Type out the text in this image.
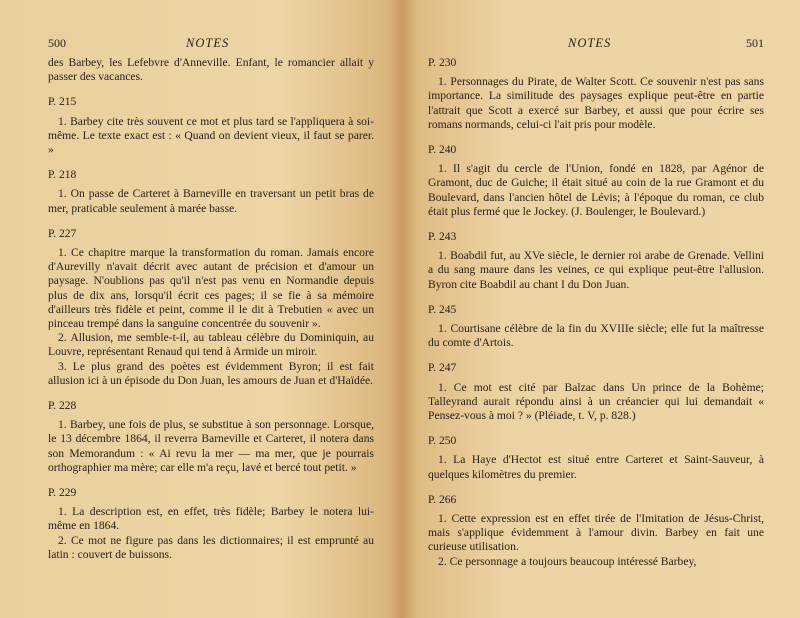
500	NOTES

des Barbey, les Lefebvre d'Anneville. Enfant, le romancier allait y passer des vacances.

P. 215

1. Barbey cite très souvent ce mot et plus tard se l'appliquera à soi-même. Le texte exact est : « Quand on devient vieux, il faut se parer. »

P. 218

1. On passe de Carteret à Barneville en traversant un petit bras de mer, praticable seulement à marée basse.

P. 227

1. Ce chapitre marque la transformation du roman. Jamais encore d'Aurevilly n'avait décrit avec autant de précision et d'amour un paysage. N'oublions pas qu'il n'est pas venu en Normandie depuis plus de dix ans, lorsqu'il écrit ces pages; il se fie à sa mémoire d'ailleurs très fidèle et peint, comme il le dit à Trebutien « avec un pinceau trempé dans la sanguine concentrée du souvenir ».

2. Allusion, me semble-t-il, au tableau célèbre du Dominiquin, au Louvre, représentant Renaud qui tend à Armide un miroir.

3. Le plus grand des poètes est évidemment Byron; il est fait allusion ici à un épisode du Don Juan, les amours de Juan et d'Haïdée.

P. 228

1. Barbey, une fois de plus, se substitue à son personnage. Lorsque, le 13 décembre 1864, il reverra Barneville et Carteret, il notera dans son Memorandum : « Ai revu la mer — ma mer, que je pourrais orthographier ma mère; car elle m'a reçu, lavé et bercé tout petit. »

P. 229

1. La description est, en effet, très fidèle; Barbey le notera lui-même en 1864.

2. Ce mot ne figure pas dans les dictionnaires; il est emprunté au latin : couvert de buissons.

NOTES	501
P. 230

1. Personnages du Pirate, de Walter Scott. Ce souvenir n'est pas sans importance. La similitude des paysages explique peut-être en partie l'attrait que Scott a exercé sur Barbey, et aussi que pour écrire ses romans normands, celui-ci l'ait pris pour modèle.

P. 240

1. Il s'agit du cercle de l'Union, fondé en 1828, par Agénor de Gramont, duc de Guiche; il était situé au coin de la rue Gramont et du Boulevard, dans l'ancien hôtel de Lévis; à l'époque du roman, ce club était plus fermé que le Jockey. (J. Boulenger, le Boulevard.)

P. 243

1. Boabdil fut, au XVe siècle, le dernier roi arabe de Grenade. Vellini a du sang maure dans les veines, ce qui explique peut-être l'allusion. Byron cite Boabdil au chant I du Don Juan.

P. 245

1. Courtisane célèbre de la fin du XVIIIe siècle; elle fut la maîtresse du comte d'Artois.

P. 247

1. Ce mot est cité par Balzac dans Un prince de la Bohème; Talleyrand aurait répondu ainsi à un créancier qui lui demandait « Pensez-vous à moi ? » (Pléiade, t. V, p. 828.)

P. 250

1. La Haye d'Hectot est situé entre Carteret et Saint-Sauveur, à quelques kilomètres du premier.

P. 266

1. Cette expression est en effet tirée de l'Imitation de Jésus-Christ, mais s'applique évidemment à l'amour divin. Barbey en fait une curieuse utilisation.

2. Ce personnage a toujours beaucoup intéressé Barbey,
